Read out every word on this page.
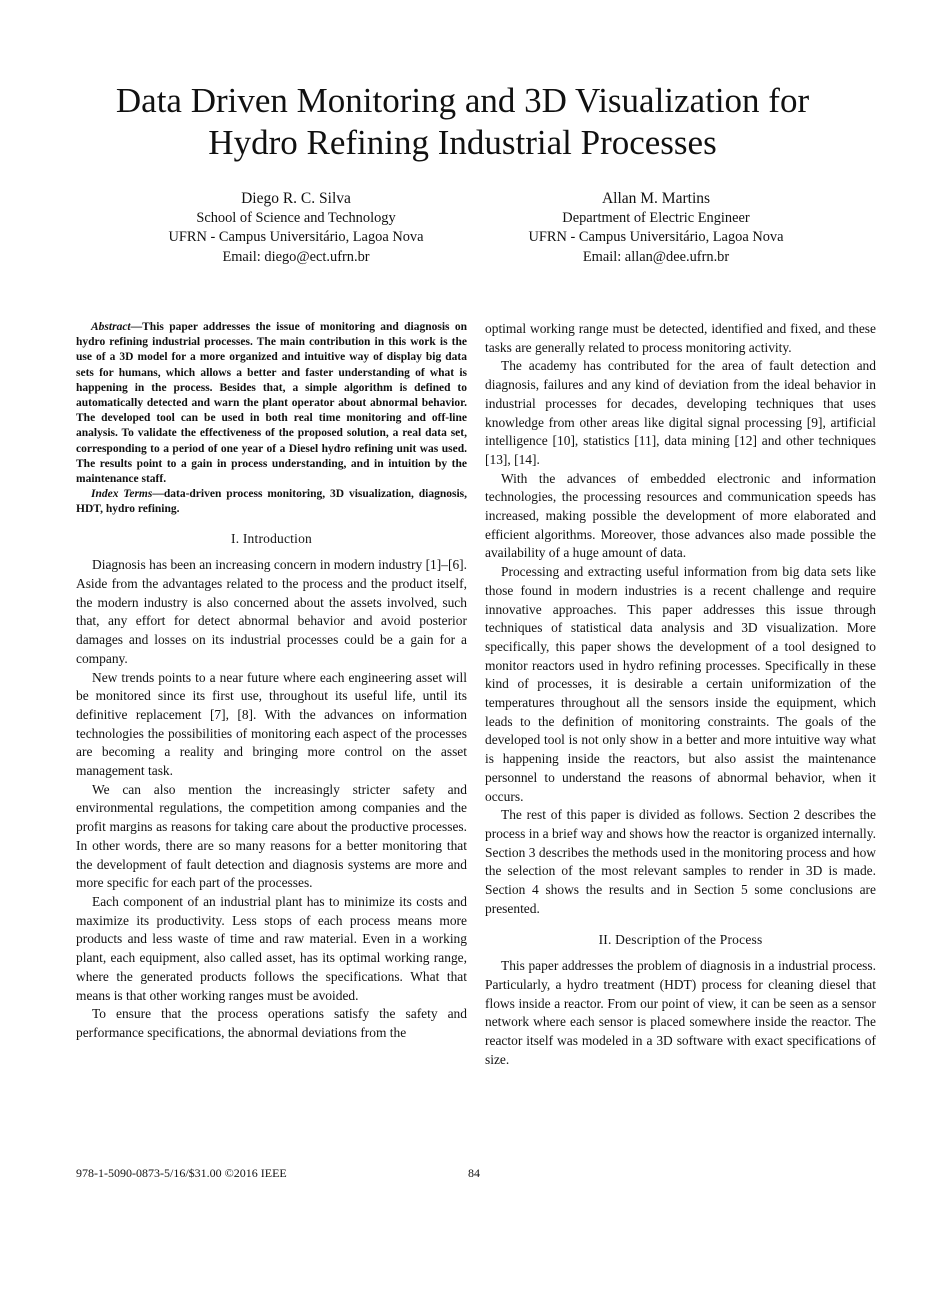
Data Driven Monitoring and 3D Visualization for
Hydro Refining Industrial Processes
Diego R. C. Silva
School of Science and Technology
UFRN - Campus Universitário, Lagoa Nova
Email: diego@ect.ufrn.br
Allan M. Martins
Department of Electric Engineer
UFRN - Campus Universitário, Lagoa Nova
Email: allan@dee.ufrn.br

Abstract—This paper addresses the issue of monitoring and diagnosis on hydro refining industrial processes. The main contribution in this work is the use of a 3D model for a more organized and intuitive way of display big data sets for humans, which allows a better and faster understanding of what is happening in the process. Besides that, a simple algorithm is defined to automatically detected and warn the plant operator about abnormal behavior. The developed tool can be used in both real time monitoring and off-line analysis. To validate the effectiveness of the proposed solution, a real data set, corresponding to a period of one year of a Diesel hydro refining unit was used. The results point to a gain in process understanding, and in intuition by the maintenance staff.

Index Terms—data-driven process monitoring, 3D visualization, diagnosis, HDT, hydro refining.

I. Introduction

Diagnosis has been an increasing concern in modern industry [1]–[6]. Aside from the advantages related to the process and the product itself, the modern industry is also concerned about the assets involved, such that, any effort for detect abnormal behavior and avoid posterior damages and losses on its industrial processes could be a gain for a company.

New trends points to a near future where each engineering asset will be monitored since its first use, throughout its useful life, until its definitive replacement [7], [8]. With the advances on information technologies the possibilities of monitoring each aspect of the processes are becoming a reality and bringing more control on the asset management task.

We can also mention the increasingly stricter safety and environmental regulations, the competition among companies and the profit margins as reasons for taking care about the productive processes. In other words, there are so many reasons for a better monitoring that the development of fault detection and diagnosis systems are more and more specific for each part of the processes.

Each component of an industrial plant has to minimize its costs and maximize its productivity. Less stops of each process means more products and less waste of time and raw material. Even in a working plant, each equipment, also called asset, has its optimal working range, where the generated products follows the specifications. What that means is that other working ranges must be avoided.

To ensure that the process operations satisfy the safety and performance specifications, the abnormal deviations from the

optimal working range must be detected, identified and fixed, and these tasks are generally related to process monitoring activity.

The academy has contributed for the area of fault detection and diagnosis, failures and any kind of deviation from the ideal behavior in industrial processes for decades, developing techniques that uses knowledge from other areas like digital signal processing [9], artificial intelligence [10], statistics [11], data mining [12] and other techniques [13], [14].

With the advances of embedded electronic and information technologies, the processing resources and communication speeds has increased, making possible the development of more elaborated and efficient algorithms. Moreover, those advances also made possible the availability of a huge amount of data.

Processing and extracting useful information from big data sets like those found in modern industries is a recent challenge and require innovative approaches. This paper addresses this issue through techniques of statistical data analysis and 3D visualization. More specifically, this paper shows the development of a tool designed to monitor reactors used in hydro refining processes. Specifically in these kind of processes, it is desirable a certain uniformization of the temperatures throughout all the sensors inside the equipment, which leads to the definition of monitoring constraints. The goals of the developed tool is not only show in a better and more intuitive way what is happening inside the reactors, but also assist the maintenance personnel to understand the reasons of abnormal behavior, when it occurs.

The rest of this paper is divided as follows. Section 2 describes the process in a brief way and shows how the reactor is organized internally. Section 3 describes the methods used in the monitoring process and how the selection of the most relevant samples to render in 3D is made. Section 4 shows the results and in Section 5 some conclusions are presented.

II. Description of the Process

This paper addresses the problem of diagnosis in a industrial process. Particularly, a hydro treatment (HDT) process for cleaning diesel that flows inside a reactor. From our point of view, it can be seen as a sensor network where each sensor is placed somewhere inside the reactor. The reactor itself was modeled in a 3D software with exact specifications of size.

978-1-5090-0873-5/16/$31.00 ©2016 IEEE	84
